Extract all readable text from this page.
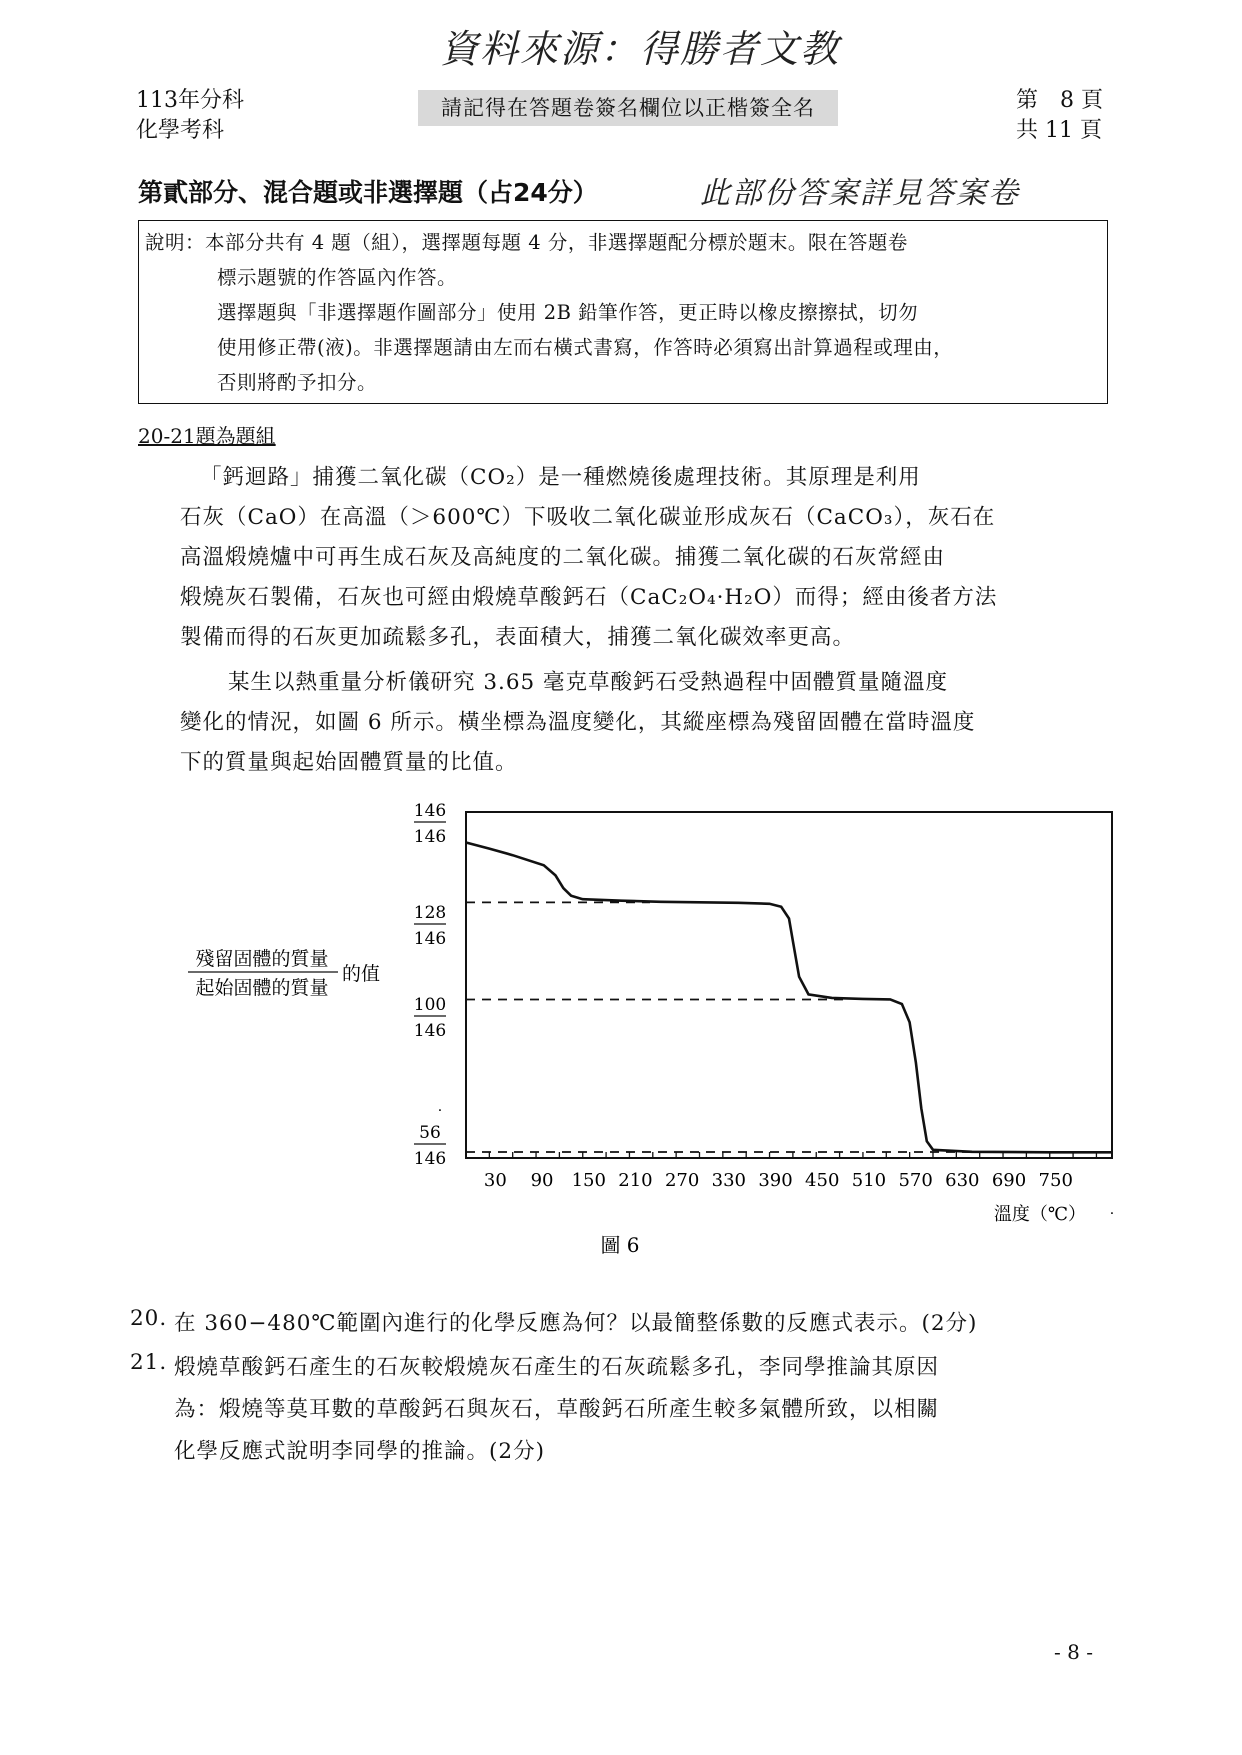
資料來源：得勝者文教
113年分科
化學考科
請記得在答題卷簽名欄位以正楷簽全名	第　8 頁
共 11 頁
第貳部分、混合題或非選擇題（占24分）	此部份答案詳見答案卷
說明：本部分共有 4 題（組），選擇題每題 4 分，非選擇題配分標於題末。限在答題卷
標示題號的作答區內作答。
選擇題與「非選擇題作圖部分」使用 2B 鉛筆作答，更正時以橡皮擦擦拭，切勿
使用修正帶(液)。非選擇題請由左而右橫式書寫，作答時必須寫出計算過程或理由，
否則將酌予扣分。
20-21題為題組
「鈣迴路」捕獲二氧化碳（CO₂）是一種燃燒後處理技術。其原理是利用
石灰（CaO）在高溫（＞600℃）下吸收二氧化碳並形成灰石（CaCO₃），灰石在
高溫煅燒爐中可再生成石灰及高純度的二氧化碳。捕獲二氧化碳的石灰常經由
煅燒灰石製備，石灰也可經由煅燒草酸鈣石（CaC₂O₄·H₂O）而得；經由後者方法
製備而得的石灰更加疏鬆多孔，表面積大，捕獲二氧化碳效率更高。
某生以熱重量分析儀研究 3.65 毫克草酸鈣石受熱過程中固體質量隨溫度
變化的情況，如圖 6 所示。橫坐標為溫度變化，其縱座標為殘留固體在當時溫度
下的質量與起始固體質量的比值。
146
146
128
146
100
146
56
146
·
殘留固體的質量
起始固體的質量
的值
30 90 150 210 270 330 390 450 510 570 630 690 750
溫度（℃） ·
圖 6
20. 在 360−480℃範圍內進行的化學反應為何？以最簡整係數的反應式表示。(2分)
21. 煅燒草酸鈣石產生的石灰較煅燒灰石產生的石灰疏鬆多孔，李同學推論其原因
為：煅燒等莫耳數的草酸鈣石與灰石，草酸鈣石所產生較多氣體所致，以相關
化學反應式說明李同學的推論。(2分)
- 8 -
